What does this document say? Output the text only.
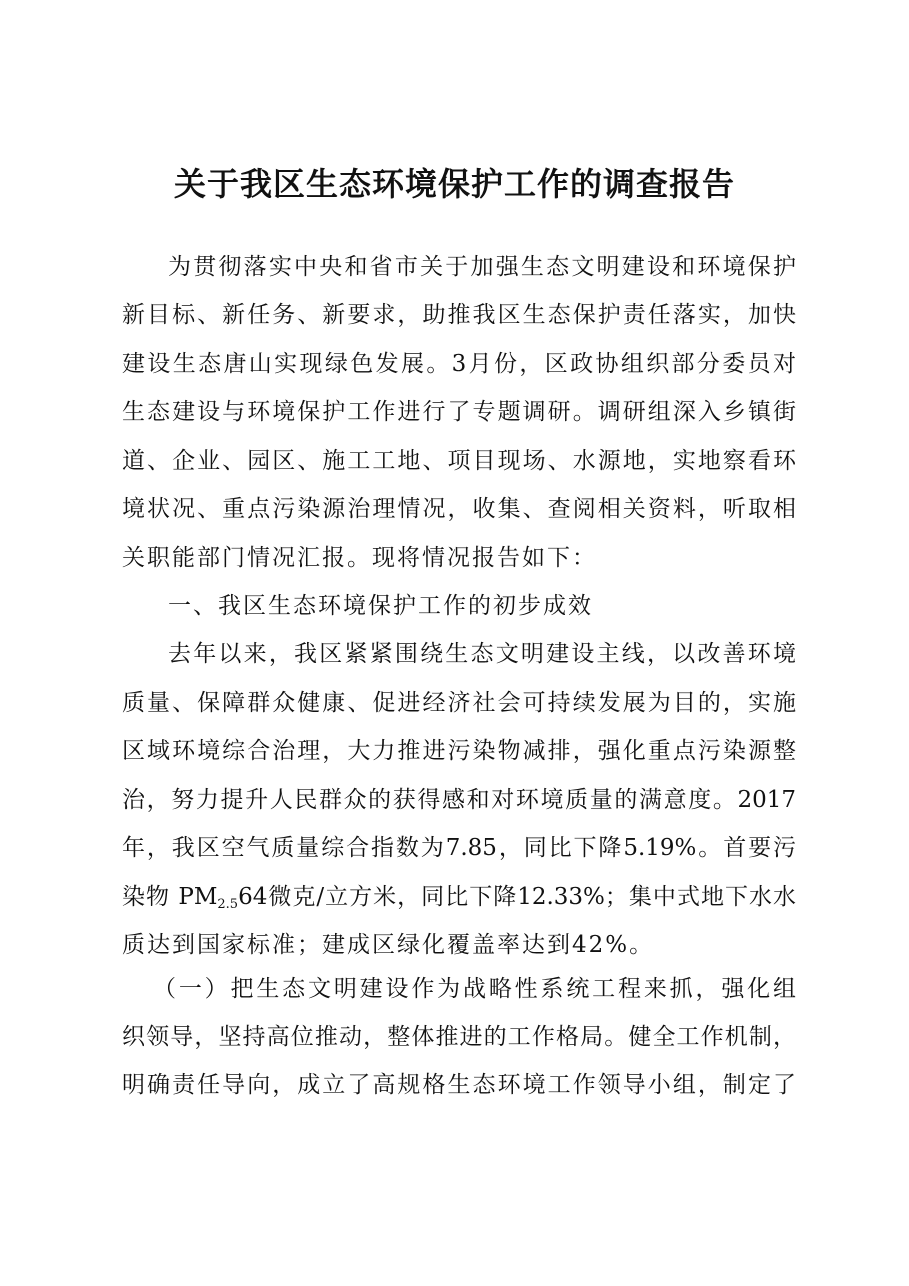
关于我区生态环境保护工作的调查报告
为贯彻落实中央和省市关于加强生态文明建设和环境保护
新目标、新任务、新要求，助推我区生态保护责任落实，加快
建设生态唐山实现绿色发展。3月份，区政协组织部分委员对
生态建设与环境保护工作进行了专题调研。调研组深入乡镇街
道、企业、园区、施工工地、项目现场、水源地，实地察看环
境状况、重点污染源治理情况，收集、查阅相关资料，听取相
关职能部门情况汇报。现将情况报告如下：
一、我区生态环境保护工作的初步成效
去年以来，我区紧紧围绕生态文明建设主线，以改善环境
质量、保障群众健康、促进经济社会可持续发展为目的，实施
区域环境综合治理，大力推进污染物减排，强化重点污染源整
治，努力提升人民群众的获得感和对环境质量的满意度。2017
年，我区空气质量综合指数为7.85，同比下降5.19%。首要污
染物 PM2.564微克/立方米，同比下降12.33%；集中式地下水水
质达到国家标准；建成区绿化覆盖率达到42%。
（一）把生态文明建设作为战略性系统工程来抓，强化组
织领导，坚持高位推动，整体推进的工作格局。健全工作机制，
明确责任导向，成立了高规格生态环境工作领导小组，制定了
